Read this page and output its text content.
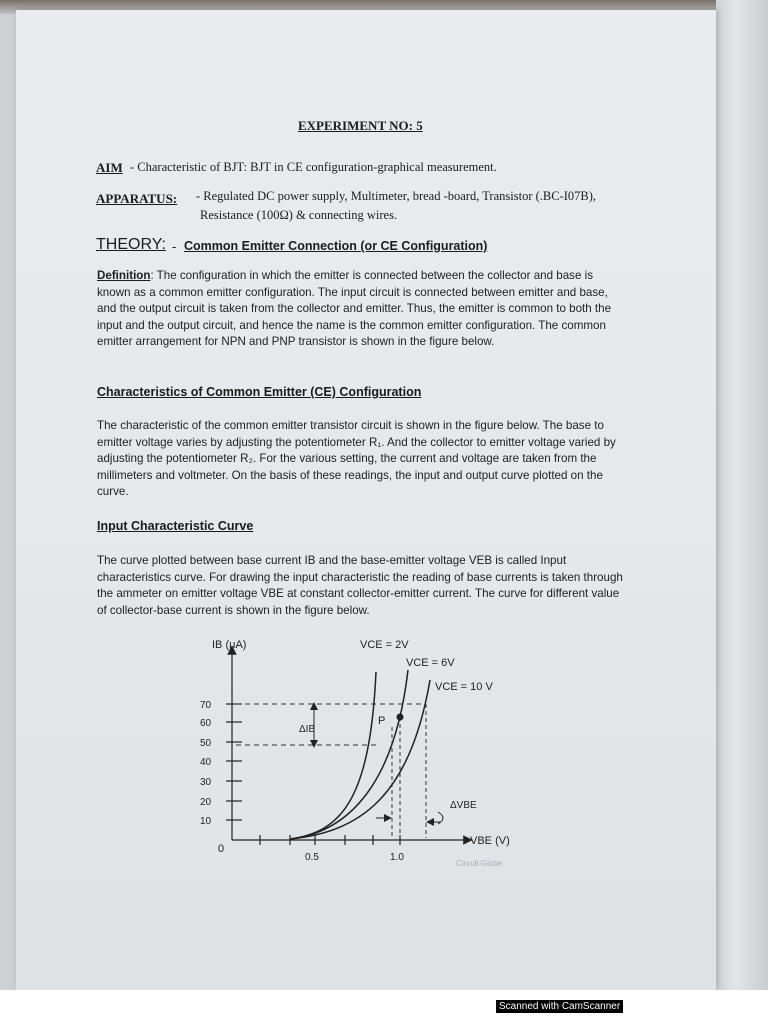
EXPERIMENT NO: 5
AIM - Characteristic of BJT: BJT in CE configuration-graphical measurement.
APPARATUS: - Regulated DC power supply, Multimeter, bread -board, Transistor (.BC-I07B),
Resistance (100Ω) & connecting wires.
THEORY: - Common Emitter Connection (or CE Configuration)
Definition: The configuration in which the emitter is connected between the collector and base is known as a common emitter configuration. The input circuit is connected between emitter and base, and the output circuit is taken from the collector and emitter. Thus, the emitter is common to both the input and the output circuit, and hence the name is the common emitter configuration. The common emitter arrangement for NPN and PNP transistor is shown in the figure below.
Characteristics of Common Emitter (CE) Configuration
The characteristic of the common emitter transistor circuit is shown in the figure below. The base to emitter voltage varies by adjusting the potentiometer R₁. And the collector to emitter voltage varied by adjusting the potentiometer R₂. For the various setting, the current and voltage are taken from the millimeters and voltmeter. On the basis of these readings, the input and output curve plotted on the curve.
Input Characteristic Curve
The curve plotted between base current IB and the base-emitter voltage VEB is called Input characteristics curve. For drawing the input characteristic the reading of base currents is taken through the ammeter on emitter voltage VBE at constant collector-emitter current. The curve for different value of collector-base current is shown in the figure below.
IB (μA)
VBE (V)
0
70
60
50
40
30
20
10
0.5	1.0
P
VCE = 2V
VCE = 6V
VCE = 10 V
ΔIB
ΔVBE
Circuit Globe
Scanned with CamScanner
